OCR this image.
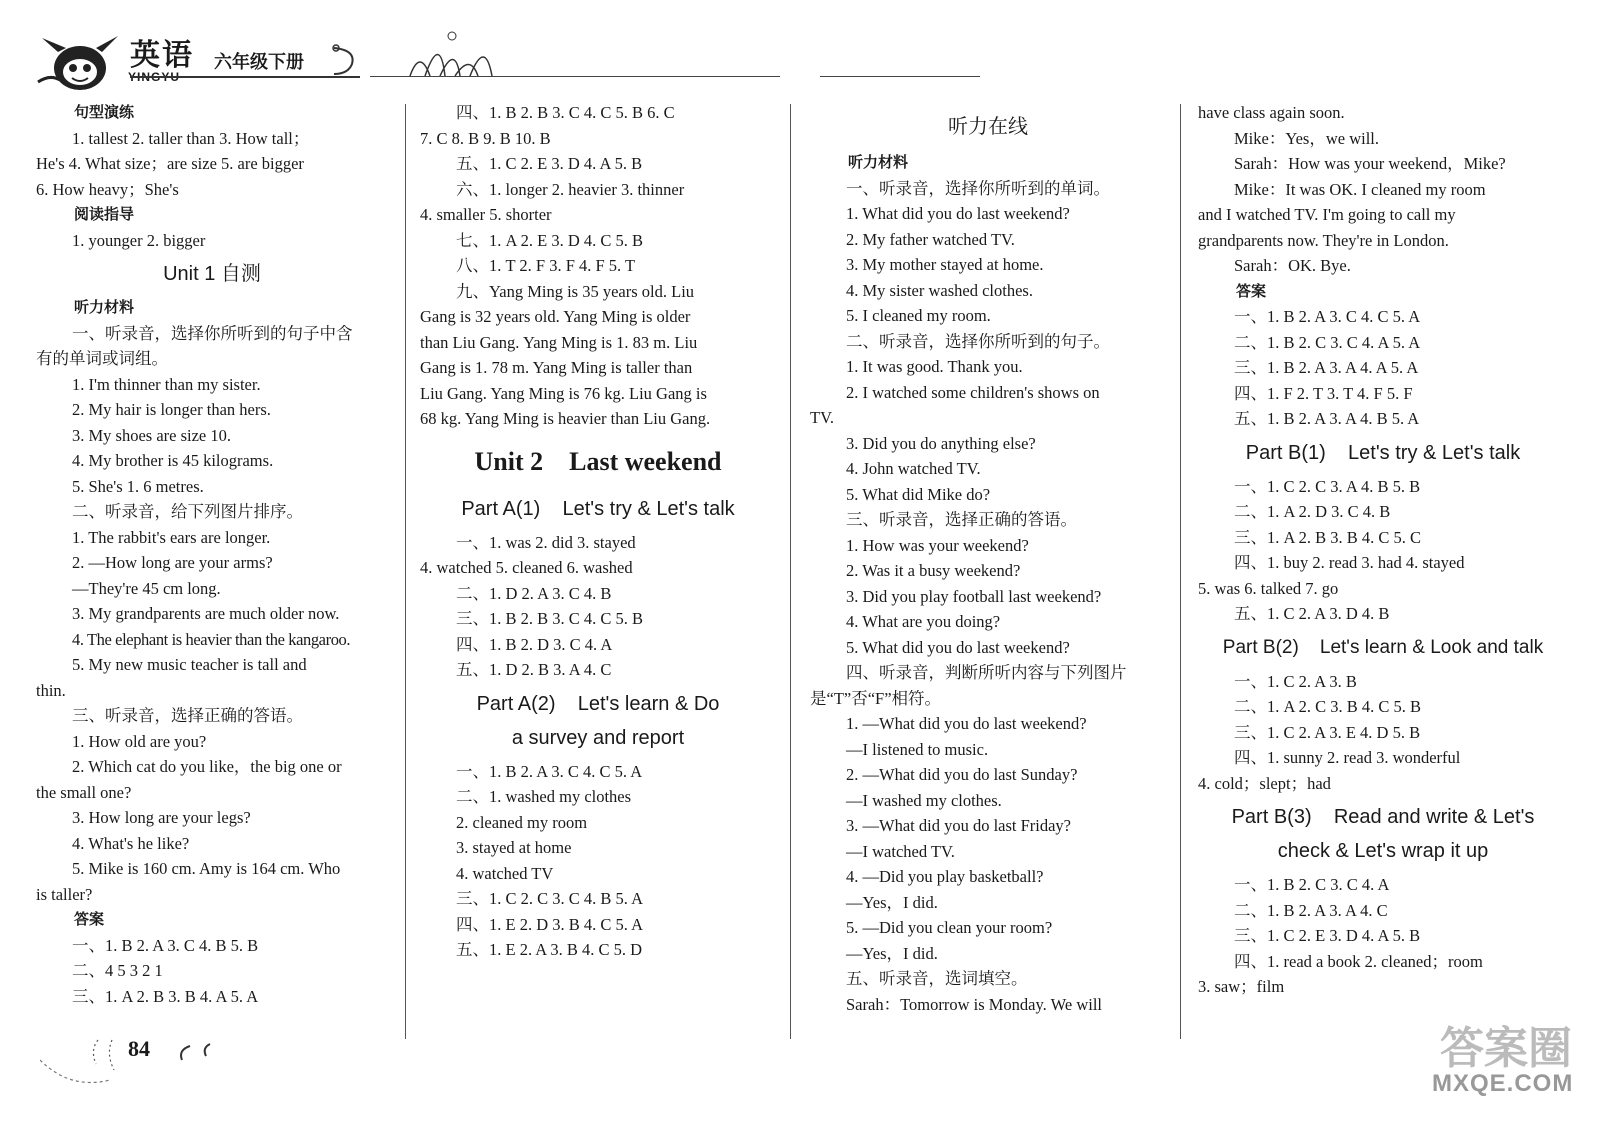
英语
YINGYU
六年级下册

句型演练

1. tallest 2. taller than 3. How tall；

He's 4. What size；are size 5. are bigger

6. How heavy；She's

阅读指导

1. younger 2. bigger

Unit 1 自测

听力材料

一、听录音，选择你所听到的句子中含

有的单词或词组。

1. I'm thinner than my sister.

2. My hair is longer than hers.

3. My shoes are size 10.

4. My brother is 45 kilograms.

5. She's 1. 6 metres.

二、听录音，给下列图片排序。

1. The rabbit's ears are longer.

2. —How long are your arms?

—They're 45 cm long.

3. My grandparents are much older now.

4. The elephant is heavier than the kangaroo.

5. My new music teacher is tall and

thin.

三、听录音，选择正确的答语。

1. How old are you?

2. Which cat do you like，the big one or

the small one?

3. How long are your legs?

4. What's he like?

5. Mike is 160 cm. Amy is 164 cm. Who

is taller?

答案

一、1. B 2. A 3. C 4. B 5. B

二、4 5 3 2 1

三、1. A 2. B 3. B 4. A 5. A

四、1. B 2. B 3. C 4. C 5. B 6. C

7. C 8. B 9. B 10. B

五、1. C 2. E 3. D 4. A 5. B

六、1. longer 2. heavier 3. thinner

4. smaller 5. shorter

七、1. A 2. E 3. D 4. C 5. B

八、1. T 2. F 3. F 4. F 5. T

九、Yang Ming is 35 years old. Liu

Gang is 32 years old. Yang Ming is older

than Liu Gang. Yang Ming is 1. 83 m. Liu

Gang is 1. 78 m. Yang Ming is taller than

Liu Gang. Yang Ming is 76 kg. Liu Gang is

68 kg. Yang Ming is heavier than Liu Gang.

Unit 2    Last weekend
Part A(1)    Let's try & Let's talk

一、1. was 2. did 3. stayed

4. watched 5. cleaned 6. washed

二、1. D 2. A 3. C 4. B

三、1. B 2. B 3. C 4. C 5. B

四、1. B 2. D 3. C 4. A

五、1. D 2. B 3. A 4. C

Part A(2)    Let's learn & Do
a survey and report

一、1. B 2. A 3. C 4. C 5. A

二、1. washed my clothes

2. cleaned my room

3. stayed at home

4. watched TV

三、1. C 2. C 3. C 4. B 5. A

四、1. E 2. D 3. B 4. C 5. A

五、1. E 2. A 3. B 4. C 5. D

听力在线

听力材料

一、听录音，选择你所听到的单词。

1. What did you do last weekend?

2. My father watched TV.

3. My mother stayed at home.

4. My sister washed clothes.

5. I cleaned my room.

二、听录音，选择你所听到的句子。

1. It was good. Thank you.

2. I watched some children's shows on

TV.

3. Did you do anything else?

4. John watched TV.

5. What did Mike do?

三、听录音，选择正确的答语。

1. How was your weekend?

2. Was it a busy weekend?

3. Did you play football last weekend?

4. What are you doing?

5. What did you do last weekend?

四、听录音，判断所听内容与下列图片

是“T”否“F”相符。

1. —What did you do last weekend?

—I listened to music.

2. —What did you do last Sunday?

—I washed my clothes.

3. —What did you do last Friday?

—I watched TV.

4. —Did you play basketball?

—Yes，I did.

5. —Did you clean your room?

—Yes，I did.

五、听录音，选词填空。

Sarah：Tomorrow is Monday. We will

have class again soon.

Mike：Yes，we will.

Sarah：How was your weekend，Mike?

Mike：It was OK. I cleaned my room

and I watched TV. I'm going to call my

grandparents now. They're in London.

Sarah：OK. Bye.

答案

一、1. B 2. A 3. C 4. C 5. A

二、1. B 2. C 3. C 4. A 5. A

三、1. B 2. A 3. A 4. A 5. A

四、1. F 2. T 3. T 4. F 5. F

五、1. B 2. A 3. A 4. B 5. A

Part B(1)    Let's try & Let's talk

一、1. C 2. C 3. A 4. B 5. B

二、1. A 2. D 3. C 4. B

三、1. A 2. B 3. B 4. C 5. C

四、1. buy 2. read 3. had 4. stayed

5. was 6. talked 7. go

五、1. C 2. A 3. D 4. B

Part B(2)    Let's learn & Look and talk

一、1. C 2. A 3. B

二、1. A 2. C 3. B 4. C 5. B

三、1. C 2. A 3. E 4. D 5. B

四、1. sunny 2. read 3. wonderful

4. cold；slept；had

Part B(3)    Read and write & Let's
check & Let's wrap it up

一、1. B 2. C 3. C 4. A

二、1. B 2. A 3. A 4. C

三、1. C 2. E 3. D 4. A 5. B

四、1. read a book 2. cleaned；room

3. saw；film

84	答案圈
MXQE.COM
